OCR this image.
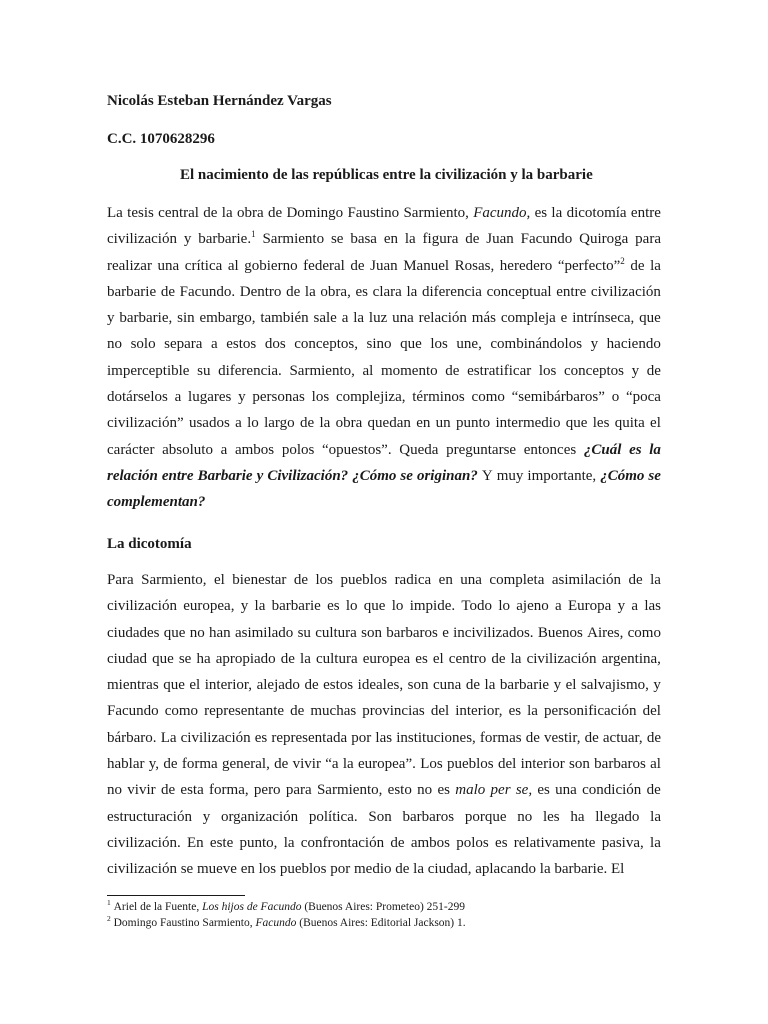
Nicolás Esteban Hernández Vargas

C.C. 1070628296

El nacimiento de las repúblicas entre la civilización y la barbarie

La tesis central de la obra de Domingo Faustino Sarmiento, Facundo, es la dicotomía entre
civilización y barbarie.$^1$ Sarmiento se basa en la figura de Juan Facundo Quiroga para
realizar una crítica al gobierno federal de Juan Manuel Rosas, heredero “perfecto”$^2$ de la
barbarie de Facundo. Dentro de la obra, es clara la diferencia conceptual entre civilización
y barbarie, sin embargo, también sale a la luz una relación más compleja e intrínseca, que
no solo separa a estos dos conceptos, sino que los une, combinándolos y haciendo
imperceptible su diferencia. Sarmiento, al momento de estratificar los conceptos y de
dotárselos a lugares y personas los complejiza, términos como “semibárbaros” o “poca
civilización” usados a lo largo de la obra quedan en un punto intermedio que les quita el
carácter absoluto a ambos polos “opuestos”. Queda preguntarse entonces ¿Cuál es la
relación entre Barbarie y Civilización? ¿Cómo se originan? Y muy importante, ¿Cómo se
complementan?

La dicotomía

Para Sarmiento, el bienestar de los pueblos radica en una completa asimilación de la
civilización europea, y la barbarie es lo que lo impide. Todo lo ajeno a Europa y a las
ciudades que no han asimilado su cultura son barbaros e incivilizados. Buenos Aires, como
ciudad que se ha apropiado de la cultura europea es el centro de la civilización argentina,
mientras que el interior, alejado de estos ideales, son cuna de la barbarie y el salvajismo, y
Facundo como representante de muchas provincias del interior, es la personificación del
bárbaro. La civilización es representada por las instituciones, formas de vestir, de actuar, de
hablar y, de forma general, de vivir “a la europea”. Los pueblos del interior son barbaros al
no vivir de esta forma, pero para Sarmiento, esto no es malo per se, es una condición de
estructuración y organización política. Son barbaros porque no les ha llegado la
civilización. En este punto, la confrontación de ambos polos es relativamente pasiva, la
civilización se mueve en los pueblos por medio de la ciudad, aplacando la barbarie. El
$^1$ Ariel de la Fuente, Los hijos de Facundo (Buenos Aires: Prometeo) 251-299
$^2$ Domingo Faustino Sarmiento, Facundo (Buenos Aires: Editorial Jackson) 1.
